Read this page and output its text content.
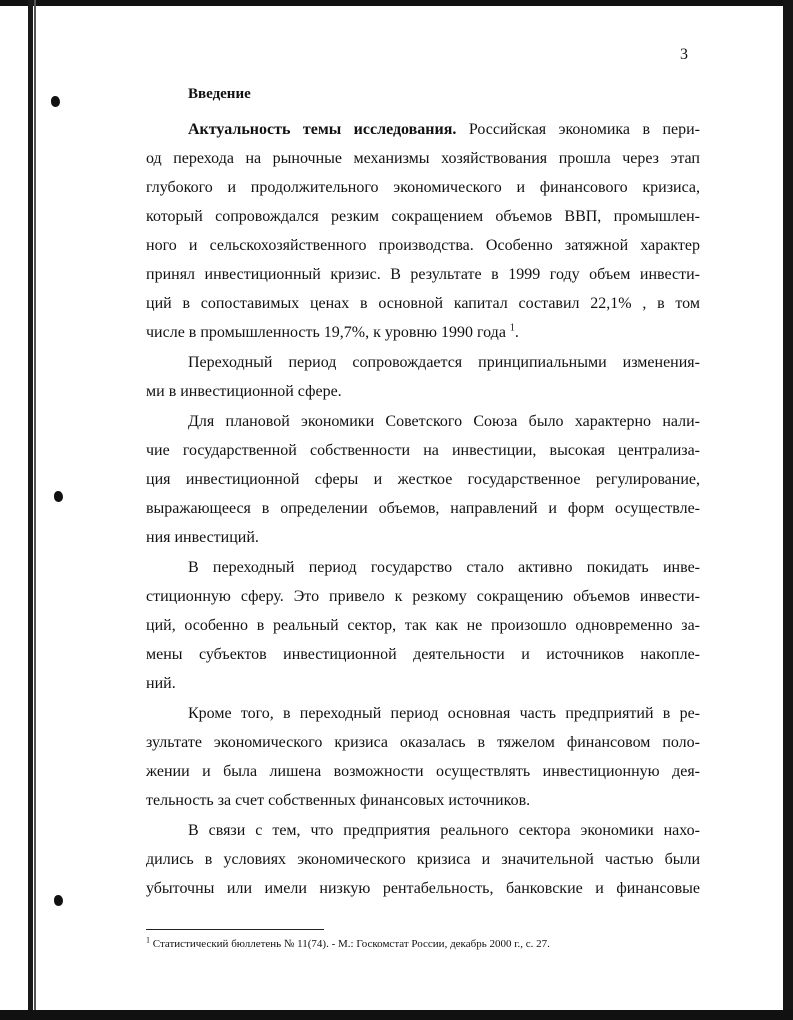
3
Введение
Актуальность темы исследования. Российская экономика в пери-
од перехода на рыночные механизмы хозяйствования прошла через этап
глубокого и продолжительного экономического и финансового кризиса,
который сопровождался резким сокращением объемов ВВП, промышлен-
ного и сельскохозяйственного производства. Особенно затяжной характер
принял инвестиционный кризис. В результате в 1999 году объем инвести-
ций в сопоставимых ценах в основной капитал составил 22,1% , в том
числе в промышленность 19,7%, к уровню 1990 года $^1$.
Переходный период сопровождается принципиальными изменения-
ми в инвестиционной сфере.
Для плановой экономики Советского Союза было характерно нали-
чие государственной собственности на инвестиции, высокая централиза-
ция инвестиционной сферы и жесткое государственное регулирование,
выражающееся в определении объемов, направлений и форм осуществле-
ния инвестиций.
В переходный период государство стало активно покидать инве-
стиционную сферу. Это привело к резкому сокращению объемов инвести-
ций, особенно в реальный сектор, так как не произошло одновременно за-
мены субъектов инвестиционной деятельности и источников накопле-
ний.
Кроме того, в переходный период основная часть предприятий в ре-
зультате экономического кризиса оказалась в тяжелом финансовом поло-
жении и была лишена возможности осуществлять инвестиционную дея-
тельность за счет собственных финансовых источников.
В связи с тем, что предприятия реального сектора экономики нахо-
дились в условиях экономического кризиса и значительной частью были
убыточны или имели низкую рентабельность, банковские и финансовые
$^1$ Статистический бюллетень № 11(74). - М.: Госкомстат России, декабрь 2000 г., с. 27.
